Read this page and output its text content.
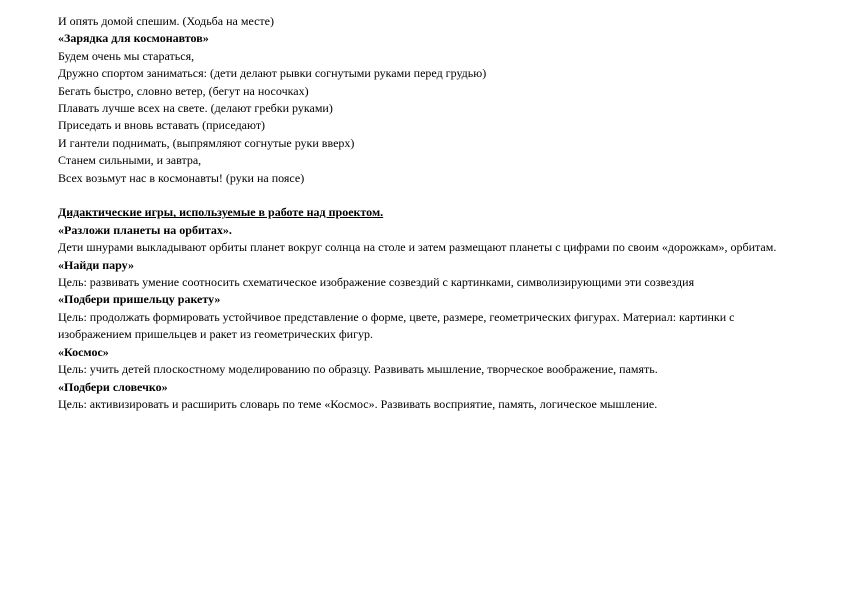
И опять домой спешим. (Ходьба на месте)

«Зарядка для космонавтов»

Будем очень мы стараться,

Дружно спортом заниматься: (дети делают рывки согнутыми руками перед грудью)

Бегать быстро, словно ветер, (бегут на носочках)

Плавать лучше всех на свете. (делают гребки руками)

Приседать и вновь вставать (приседают)

И гантели поднимать, (выпрямляют согнутые руки вверх)

Станем сильными, и завтра,

Всех возьмут нас в космонавты! (руки на поясе)

Дидактические игры, используемые в работе над проектом.

«Разложи планеты на орбитах».

Дети шнурами выкладывают орбиты планет вокруг солнца на столе и затем размещают планеты с цифрами по своим «дорожкам», орбитам.

«Найди пару»

Цель: развивать умение соотносить схематическое изображение созвездий с картинками, символизирующими эти созвездия

«Подбери пришельцу ракету»

Цель: продолжать формировать устойчивое представление о форме, цвете, размере, геометрических фигурах. Материал: картинки с изображением пришельцев и ракет из геометрических фигур.

«Космос»

Цель: учить детей плоскостному моделированию по образцу. Развивать мышление, творческое воображение, память.

«Подбери словечко»

Цель: активизировать и расширить словарь по теме «Космос». Развивать восприятие, память, логическое мышление.
